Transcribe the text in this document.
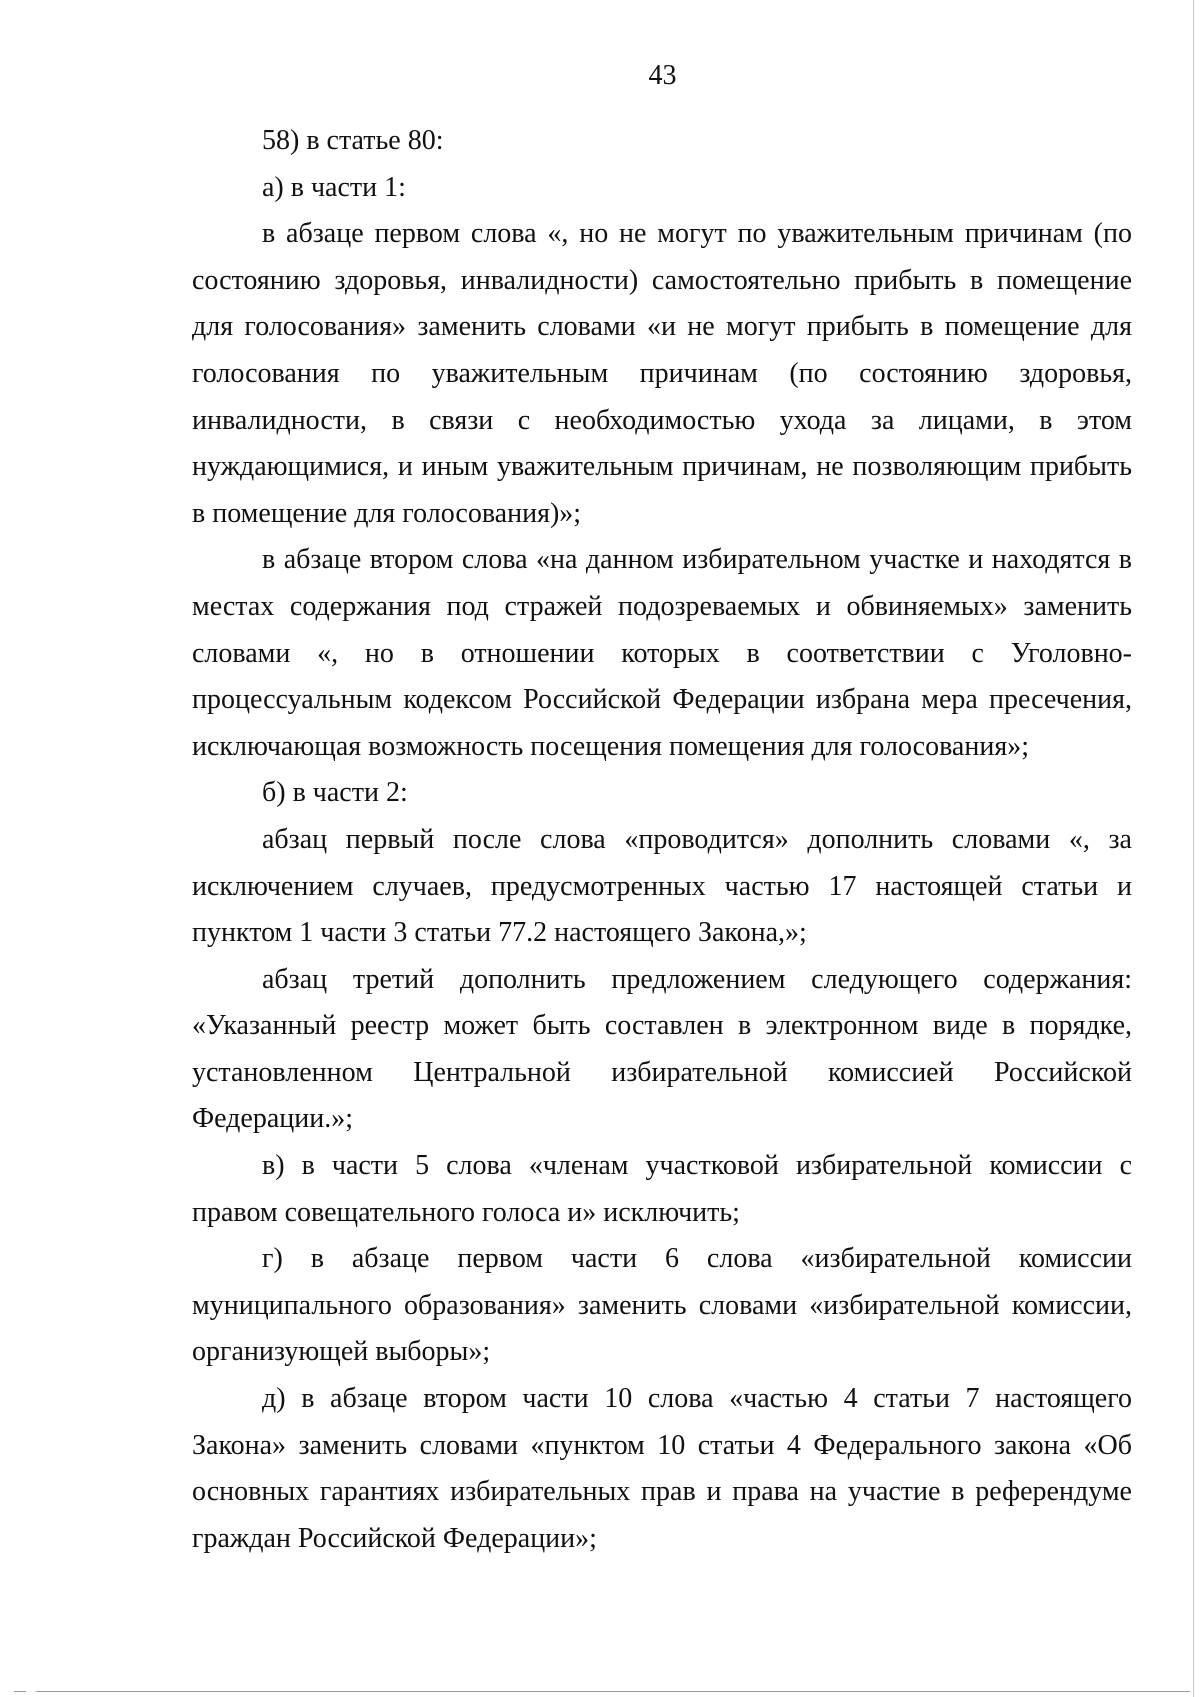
43

58) в статье 80:

а) в части 1:

в абзаце первом слова «, но не могут по уважительным причинам (по состоянию здоровья, инвалидности) самостоятельно прибыть в помещение для голосования» заменить словами «и не могут прибыть в помещение для голосования по уважительным причинам (по состоянию здоровья, инвалидности, в связи с необходимостью ухода за лицами, в этом нуждающимися, и иным уважительным причинам, не позволяющим прибыть в помещение для голосования)»;

в абзаце втором слова «на данном избирательном участке и находятся в местах содержания под стражей подозреваемых и обвиняемых» заменить словами «, но в отношении которых в соответствии с Уголовно-процессуальным кодексом Российской Федерации избрана мера пресечения, исключающая возможность посещения помещения для голосования»;

б) в части 2:

абзац первый после слова «проводится» дополнить словами «, за исключением случаев, предусмотренных частью 17 настоящей статьи и пунктом 1 части 3 статьи 77.2 настоящего Закона,»;

абзац третий дополнить предложением следующего содержания: «Указанный реестр может быть составлен в электронном виде в порядке, установленном Центральной избирательной комиссией Российской Федерации.»;

в) в части 5 слова «членам участковой избирательной комиссии с правом совещательного голоса и» исключить;

г) в абзаце первом части 6 слова «избирательной комиссии муниципального образования» заменить словами «избирательной комиссии, организующей выборы»;

д) в абзаце втором части 10 слова «частью 4 статьи 7 настоящего Закона» заменить словами «пунктом 10 статьи 4 Федерального закона «Об основных гарантиях избирательных прав и права на участие в референдуме граждан Российской Федерации»;
